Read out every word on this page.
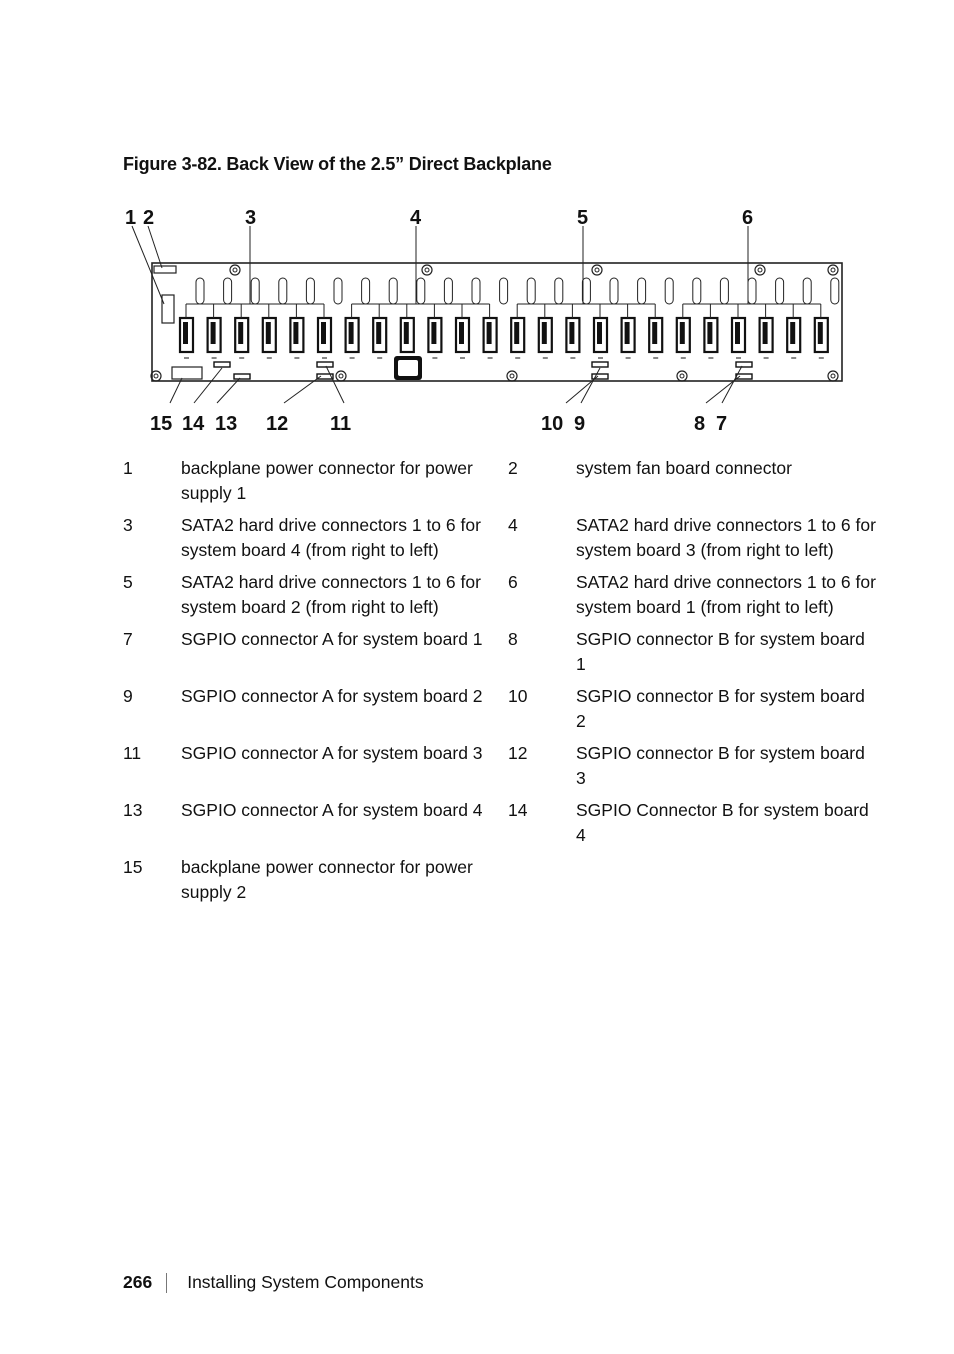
Figure 3-82. Back View of the 2.5” Direct Backplane
1 2	3	4	5	6
15 14 13 12 11	10 9	8 7
1	backplane power connector for power supply 1
2	system fan board connector
3	SATA2 hard drive connectors 1 to 6 for system board 4 (from right to left)
4	SATA2 hard drive connectors 1 to 6 for system board 3 (from right to left)
5	SATA2 hard drive connectors 1 to 6 for system board 2 (from right to left)
6	SATA2 hard drive connectors 1 to 6 for system board 1 (from right to left)
7	SGPIO connector A for system board 1	8	SGPIO connector B for system board 1
9	SGPIO connector A for system board 2	10	SGPIO connector B for system board 2
11	SGPIO connector A for system board 3	12	SGPIO connector B for system board 3
13	SGPIO connector A for system board 4	14	SGPIO Connector B for system board 4
15	backplane power connector for power supply 2
266 Installing System Components
